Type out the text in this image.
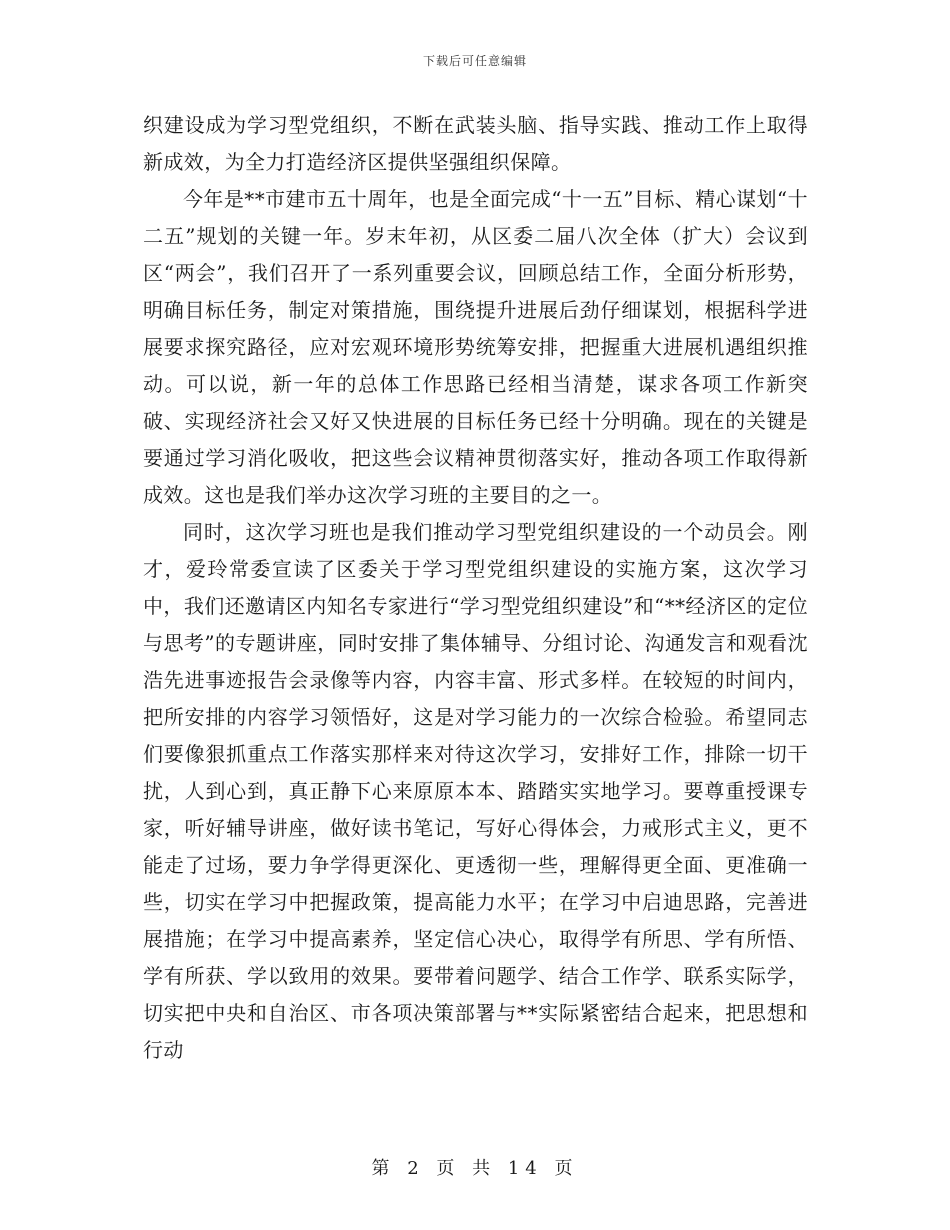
下载后可任意编辑

织建设成为学习型党组织，不断在武装头脑、指导实践、推动工作上取得新成效，为全力打造经济区提供坚强组织保障。

今年是**市建市五十周年，也是全面完成“十一五”目标、精心谋划“十二五”规划的关键一年。岁末年初，从区委二届八次全体（扩大）会议到区“两会”，我们召开了一系列重要会议，回顾总结工作，全面分析形势，明确目标任务，制定对策措施，围绕提升进展后劲仔细谋划，根据科学进展要求探究路径，应对宏观环境形势统筹安排，把握重大进展机遇组织推动。可以说，新一年的总体工作思路已经相当清楚，谋求各项工作新突破、实现经济社会又好又快进展的目标任务已经十分明确。现在的关键是要通过学习消化吸收，把这些会议精神贯彻落实好，推动各项工作取得新成效。这也是我们举办这次学习班的主要目的之一。

同时，这次学习班也是我们推动学习型党组织建设的一个动员会。刚才，爱玲常委宣读了区委关于学习型党组织建设的实施方案，这次学习中，我们还邀请区内知名专家进行“学习型党组织建设”和“**经济区的定位与思考”的专题讲座，同时安排了集体辅导、分组讨论、沟通发言和观看沈浩先进事迹报告会录像等内容，内容丰富、形式多样。在较短的时间内，把所安排的内容学习领悟好，这是对学习能力的一次综合检验。希望同志们要像狠抓重点工作落实那样来对待这次学习，安排好工作，排除一切干扰，人到心到，真正静下心来原原本本、踏踏实实地学习。要尊重授课专家，听好辅导讲座，做好读书笔记，写好心得体会，力戒形式主义，更不能走了过场，要力争学得更深化、更透彻一些，理解得更全面、更准确一些，切实在学习中把握政策，提高能力水平；在学习中启迪思路，完善进展措施；在学习中提高素养，坚定信心决心，取得学有所思、学有所悟、学有所获、学以致用的效果。要带着问题学、结合工作学、联系实际学，切实把中央和自治区、市各项决策部署与**实际紧密结合起来，把思想和行动

第 2 页 共 14 页
